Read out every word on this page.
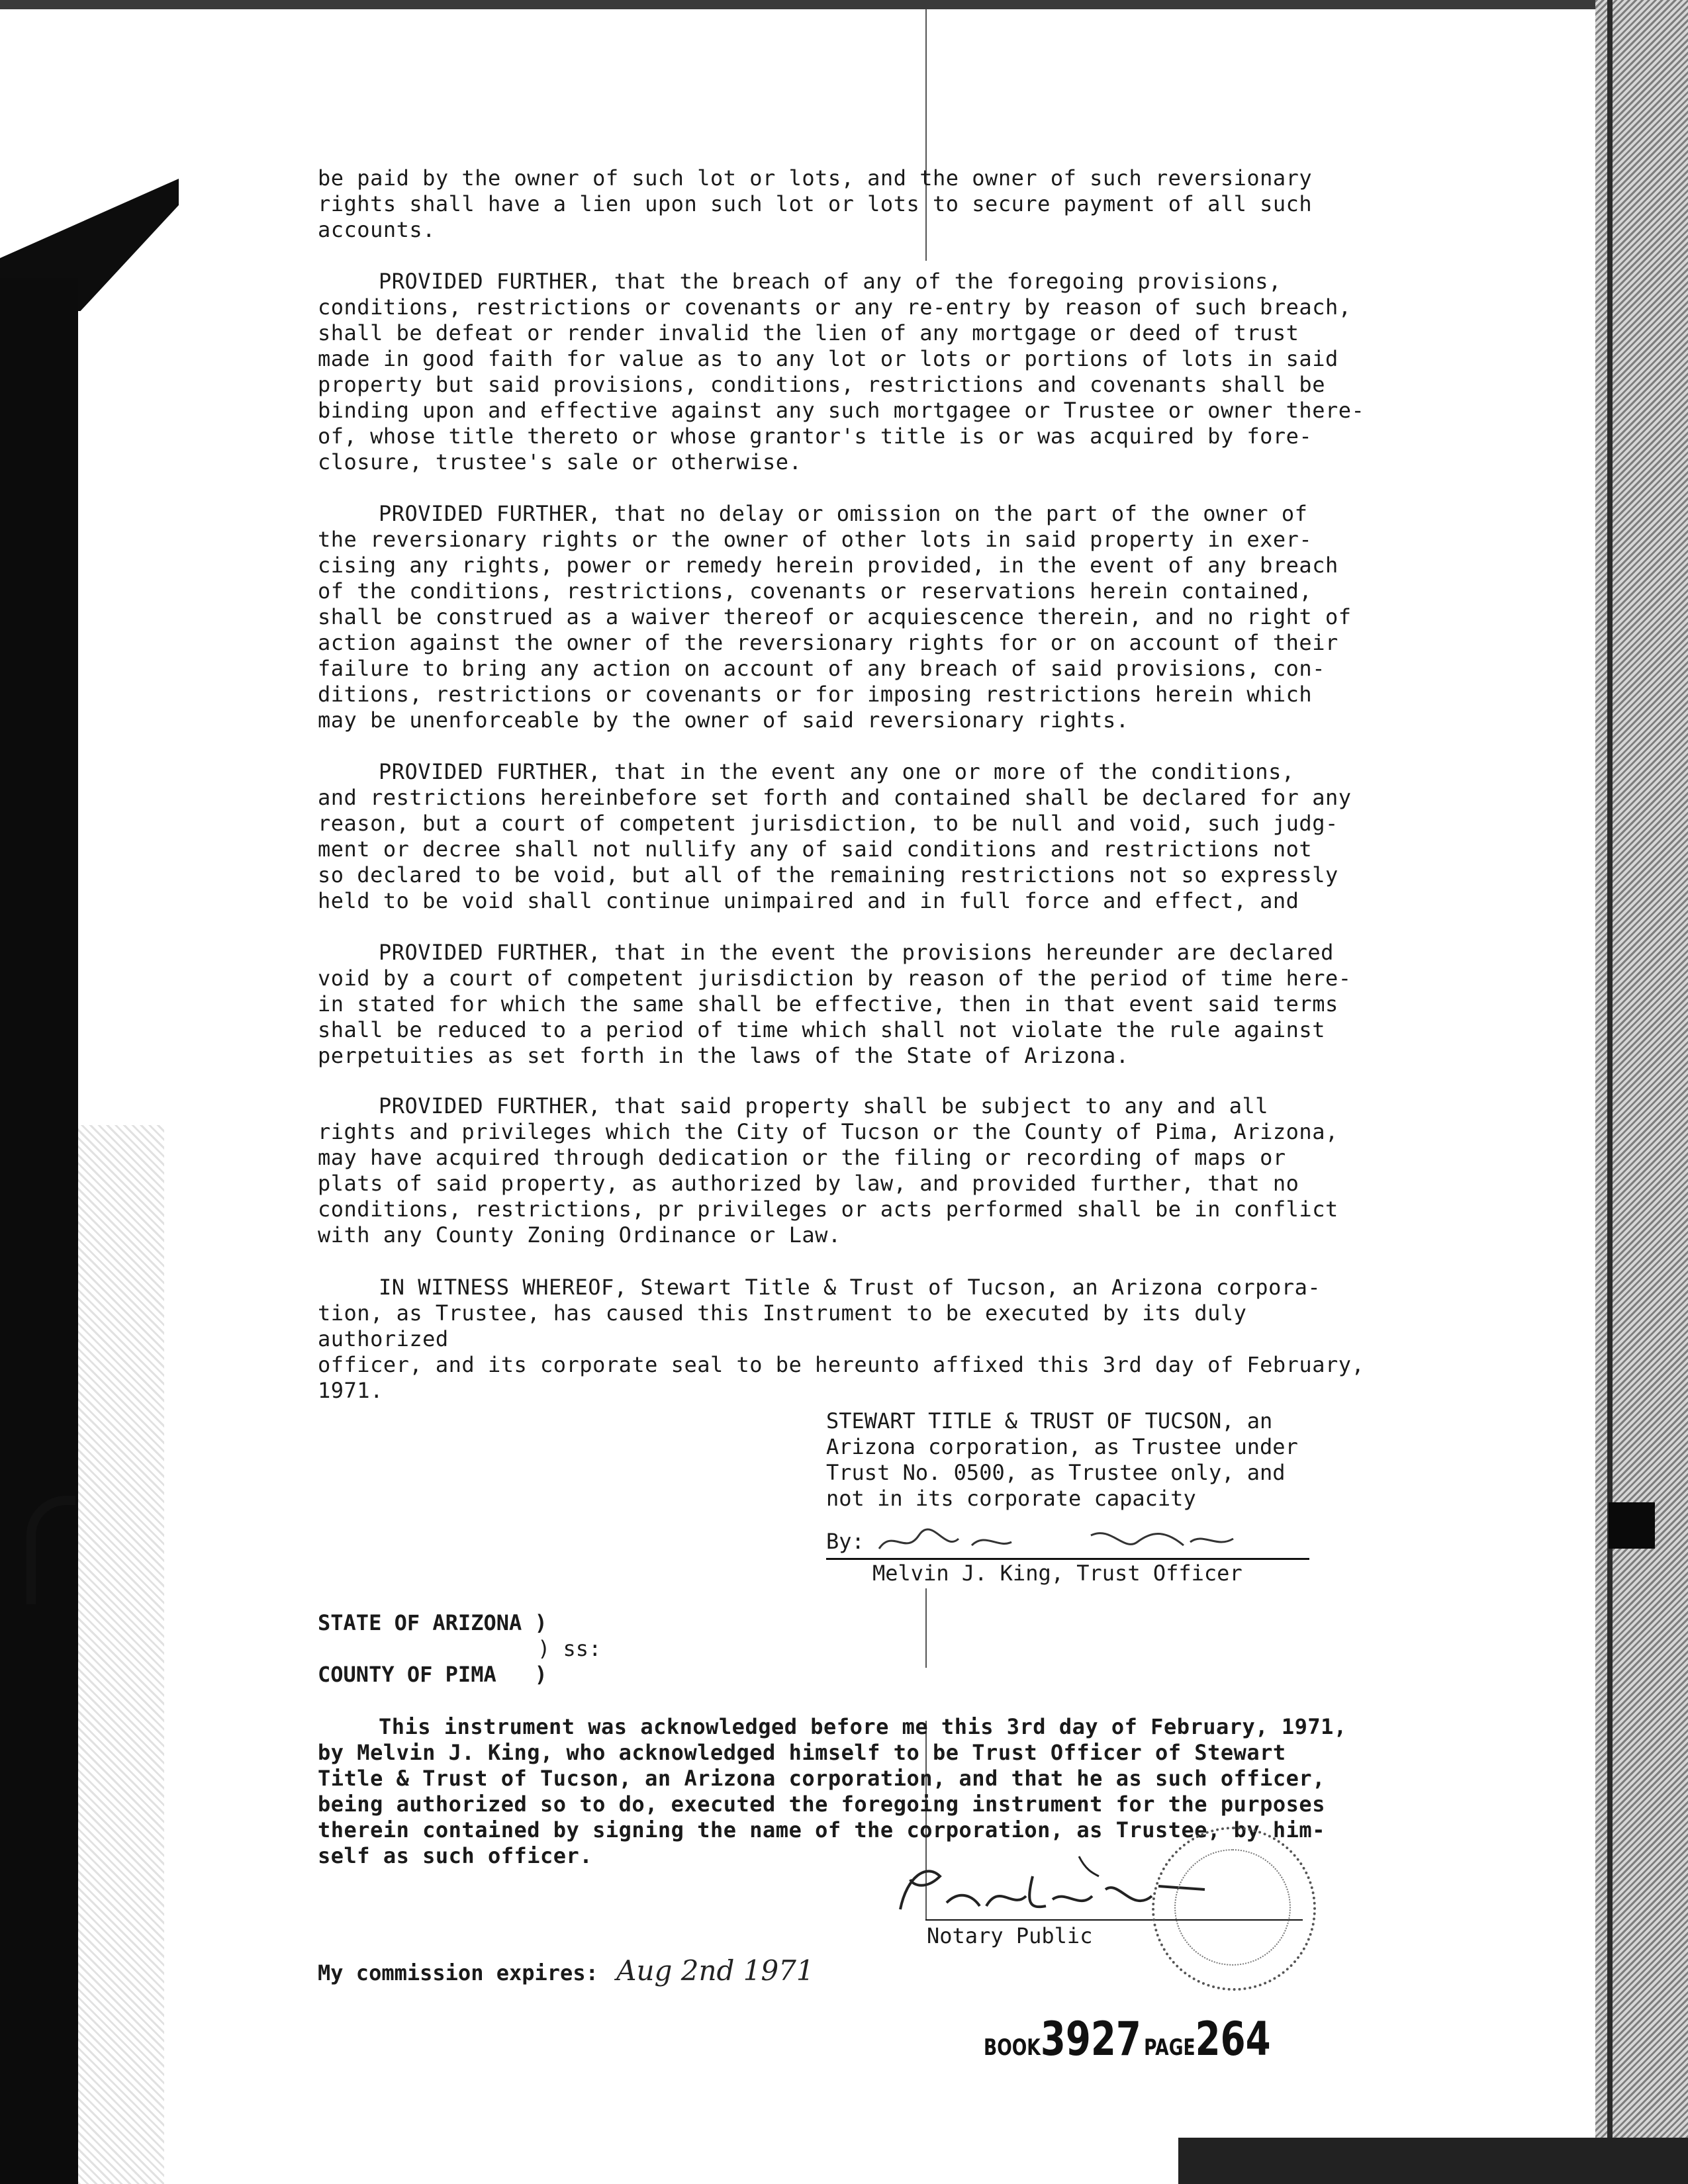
be paid by the owner of such lot or lots, and the owner of such reversionary
rights shall have a lien upon such lot or lots to secure payment of all such
accounts.
PROVIDED FURTHER, that the breach of any of the foregoing provisions,
conditions, restrictions or covenants or any re-entry by reason of such breach,
shall be defeat or render invalid the lien of any mortgage or deed of trust
made in good faith for value as to any lot or lots or portions of lots in said
property but said provisions, conditions, restrictions and covenants shall be
binding upon and effective against any such mortgagee or Trustee or owner there-
of, whose title thereto or whose grantor's title is or was acquired by fore-
closure, trustee's sale or otherwise.
PROVIDED FURTHER, that no delay or omission on the part of the owner of
the reversionary rights or the owner of other lots in said property in exer-
cising any rights, power or remedy herein provided, in the event of any breach
of the conditions, restrictions, covenants or reservations herein contained,
shall be construed as a waiver thereof or acquiescence therein, and no right of
action against the owner of the reversionary rights for or on account of their
failure to bring any action on account of any breach of said provisions, con-
ditions, restrictions or covenants or for imposing restrictions herein which
may be unenforceable by the owner of said reversionary rights.
PROVIDED FURTHER, that in the event any one or more of the conditions,
and restrictions hereinbefore set forth and contained shall be declared for any
reason, but a court of competent jurisdiction, to be null and void, such judg-
ment or decree shall not nullify any of said conditions and restrictions not
so declared to be void, but all of the remaining restrictions not so expressly
held to be void shall continue unimpaired and in full force and effect, and
PROVIDED FURTHER, that in the event the provisions hereunder are declared
void by a court of competent jurisdiction by reason of the period of time here-
in stated for which the same shall be effective, then in that event said terms
shall be reduced to a period of time which shall not violate the rule against
perpetuities as set forth in the laws of the State of Arizona.
PROVIDED FURTHER, that said property shall be subject to any and all
rights and privileges which the City of Tucson or the County of Pima, Arizona,
may have acquired through dedication or the filing or recording of maps or
plats of said property, as authorized by law, and provided further, that no
conditions, restrictions, pr privileges or acts performed shall be in conflict
with any County Zoning Ordinance or Law.
IN WITNESS WHEREOF, Stewart Title & Trust of Tucson, an Arizona corpora-
tion, as Trustee, has caused this Instrument to be executed by its duly authorized
officer, and its corporate seal to be hereunto affixed this 3rd day of February,
1971.
STEWART TITLE & TRUST OF TUCSON, an
Arizona corporation, as Trustee under
Trust No. 0500, as Trustee only, and
not in its corporate capacity
By:
Melvin J. King, Trust Officer
STATE OF ARIZONA )
) ss:
COUNTY OF PIMA   )
This instrument was acknowledged before me this 3rd day of February, 1971,
by Melvin J. King, who acknowledged himself to be Trust Officer of Stewart
Title & Trust of Tucson, an Arizona corporation, and that he as such officer,
being authorized so to do, executed the foregoing instrument for the purposes
therein contained by signing the name of the corporation, as Trustee, by him-
self as such officer.
Notary Public
My commission expires: Aug 2nd 1971
BOOK3927 PAGE264
